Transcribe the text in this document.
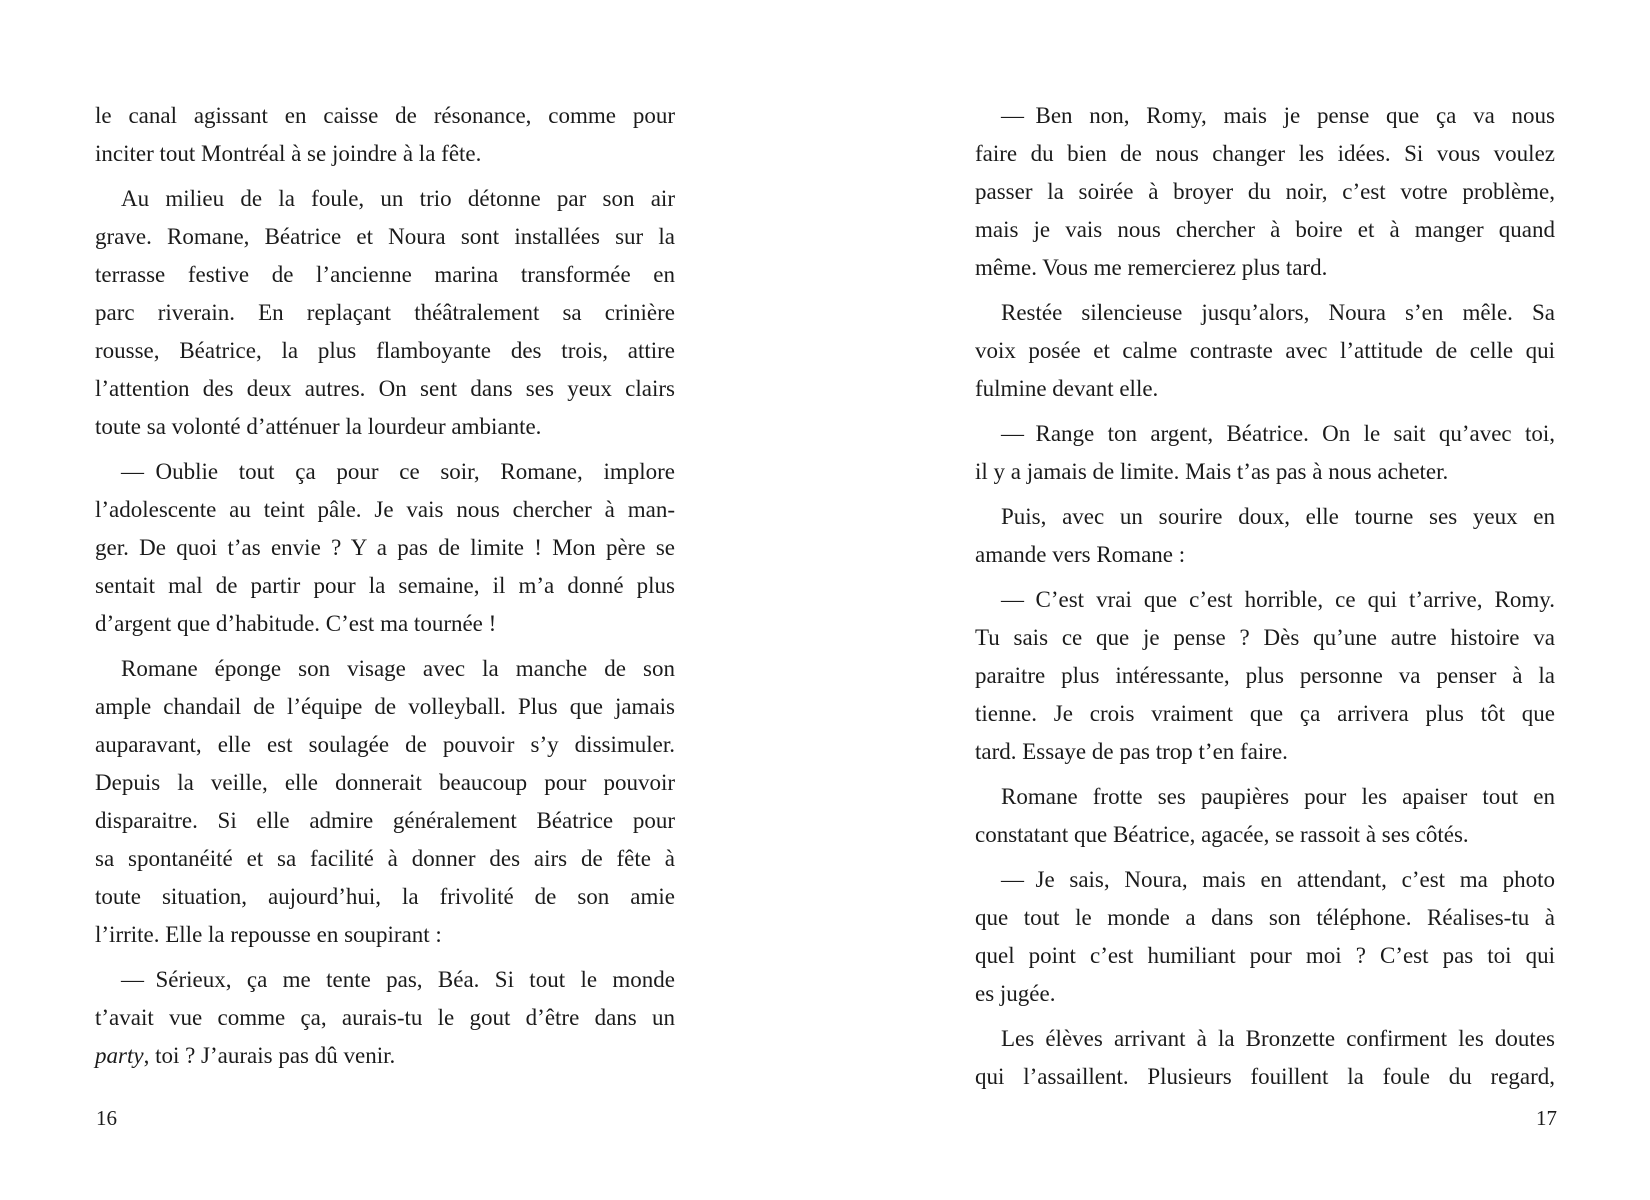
le canal agissant en caisse de résonance, comme pour
inciter tout Montréal à se joindre à la fête.
Au milieu de la foule, un trio détonne par son air
grave. Romane, Béatrice et Noura sont installées sur la
terrasse festive de l’ancienne marina transformée en
parc riverain. En replaçant théâtralement sa crinière
rousse, Béatrice, la plus flamboyante des trois, attire
l’attention des deux autres. On sent dans ses yeux clairs
toute sa volonté d’atténuer la lourdeur ambiante.
— Oublie tout ça pour ce soir, Romane, implore
l’adolescente au teint pâle. Je vais nous chercher à man-
ger. De quoi t’as envie ? Y a pas de limite ! Mon père se
sentait mal de partir pour la semaine, il m’a donné plus
d’argent que d’habitude. C’est ma tournée !
Romane éponge son visage avec la manche de son
ample chandail de l’équipe de volleyball. Plus que jamais
auparavant, elle est soulagée de pouvoir s’y dissimuler.
Depuis la veille, elle donnerait beaucoup pour pouvoir
disparaitre. Si elle admire généralement Béatrice pour
sa spontanéité et sa facilité à donner des airs de fête à
toute situation, aujourd’hui, la frivolité de son amie
l’irrite. Elle la repousse en soupirant :
— Sérieux, ça me tente pas, Béa. Si tout le monde
t’avait vue comme ça, aurais-tu le gout d’être dans un
party, toi ? J’aurais pas dû venir.
— Ben non, Romy, mais je pense que ça va nous
faire du bien de nous changer les idées. Si vous voulez
passer la soirée à broyer du noir, c’est votre problème,
mais je vais nous chercher à boire et à manger quand
même. Vous me remercierez plus tard.
Restée silencieuse jusqu’alors, Noura s’en mêle. Sa
voix posée et calme contraste avec l’attitude de celle qui
fulmine devant elle.
— Range ton argent, Béatrice. On le sait qu’avec toi,
il y a jamais de limite. Mais t’as pas à nous acheter.
Puis, avec un sourire doux, elle tourne ses yeux en
amande vers Romane :
— C’est vrai que c’est horrible, ce qui t’arrive, Romy.
Tu sais ce que je pense ? Dès qu’une autre histoire va
paraitre plus intéressante, plus personne va penser à la
tienne. Je crois vraiment que ça arrivera plus tôt que
tard. Essaye de pas trop t’en faire.
Romane frotte ses paupières pour les apaiser tout en
constatant que Béatrice, agacée, se rassoit à ses côtés.
— Je sais, Noura, mais en attendant, c’est ma photo
que tout le monde a dans son téléphone. Réalises-tu à
quel point c’est humiliant pour moi ? C’est pas toi qui
es jugée.
Les élèves arrivant à la Bronzette confirment les doutes
qui l’assaillent. Plusieurs fouillent la foule du regard,
16	17
